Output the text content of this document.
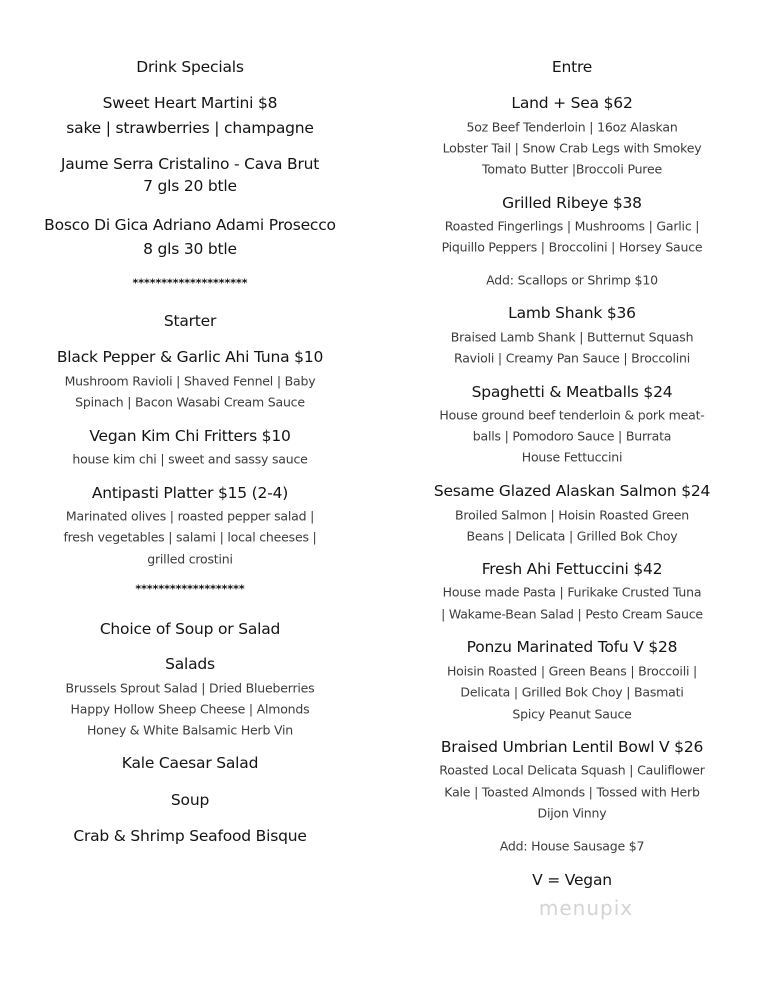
Drink Specials
Sweet Heart Martini $8
sake | strawberries | champagne
Jaume Serra Cristalino - Cava Brut
7 gls 20 btle
Bosco Di Gica Adriano Adami Prosecco
8 gls 30 btle
********************
Starter
Black Pepper & Garlic Ahi Tuna $10
Mushroom Ravioli | Shaved Fennel | Baby
Spinach | Bacon Wasabi Cream Sauce
Vegan Kim Chi Fritters $10
house kim chi | sweet and sassy sauce
Antipasti Platter $15 (2-4)
Marinated olives | roasted pepper salad |
fresh vegetables | salami | local cheeses |
grilled crostini
*******************
Choice of Soup or Salad
Salads
Brussels Sprout Salad | Dried Blueberries
Happy Hollow Sheep Cheese | Almonds
Honey & White Balsamic Herb Vin
Kale Caesar Salad
Soup
Crab & Shrimp Seafood Bisque
Entre
Land + Sea $62
5oz Beef Tenderloin | 16oz Alaskan
Lobster Tail | Snow Crab Legs with Smokey
Tomato Butter |Broccoli Puree
Grilled Ribeye $38
Roasted Fingerlings | Mushrooms | Garlic |
Piquillo Peppers | Broccolini | Horsey Sauce
Add: Scallops or Shrimp $10
Lamb Shank $36
Braised Lamb Shank | Butternut Squash
Ravioli | Creamy Pan Sauce | Broccolini
Spaghetti & Meatballs $24
House ground beef tenderloin & pork meat-
balls | Pomodoro Sauce | Burrata
House Fettuccini
Sesame Glazed Alaskan Salmon $24
Broiled Salmon | Hoisin Roasted Green
Beans | Delicata | Grilled Bok Choy
Fresh Ahi Fettuccini $42
House made Pasta | Furikake Crusted Tuna
| Wakame-Bean Salad | Pesto Cream Sauce
Ponzu Marinated Tofu V $28
Hoisin Roasted | Green Beans | Broccoili |
Delicata | Grilled Bok Choy | Basmati
Spicy Peanut Sauce
Braised Umbrian Lentil Bowl V $26
Roasted Local Delicata Squash | Cauliflower
Kale | Toasted Almonds | Tossed with Herb
Dijon Vinny
Add: House Sausage $7
V = Vegan
menupix
